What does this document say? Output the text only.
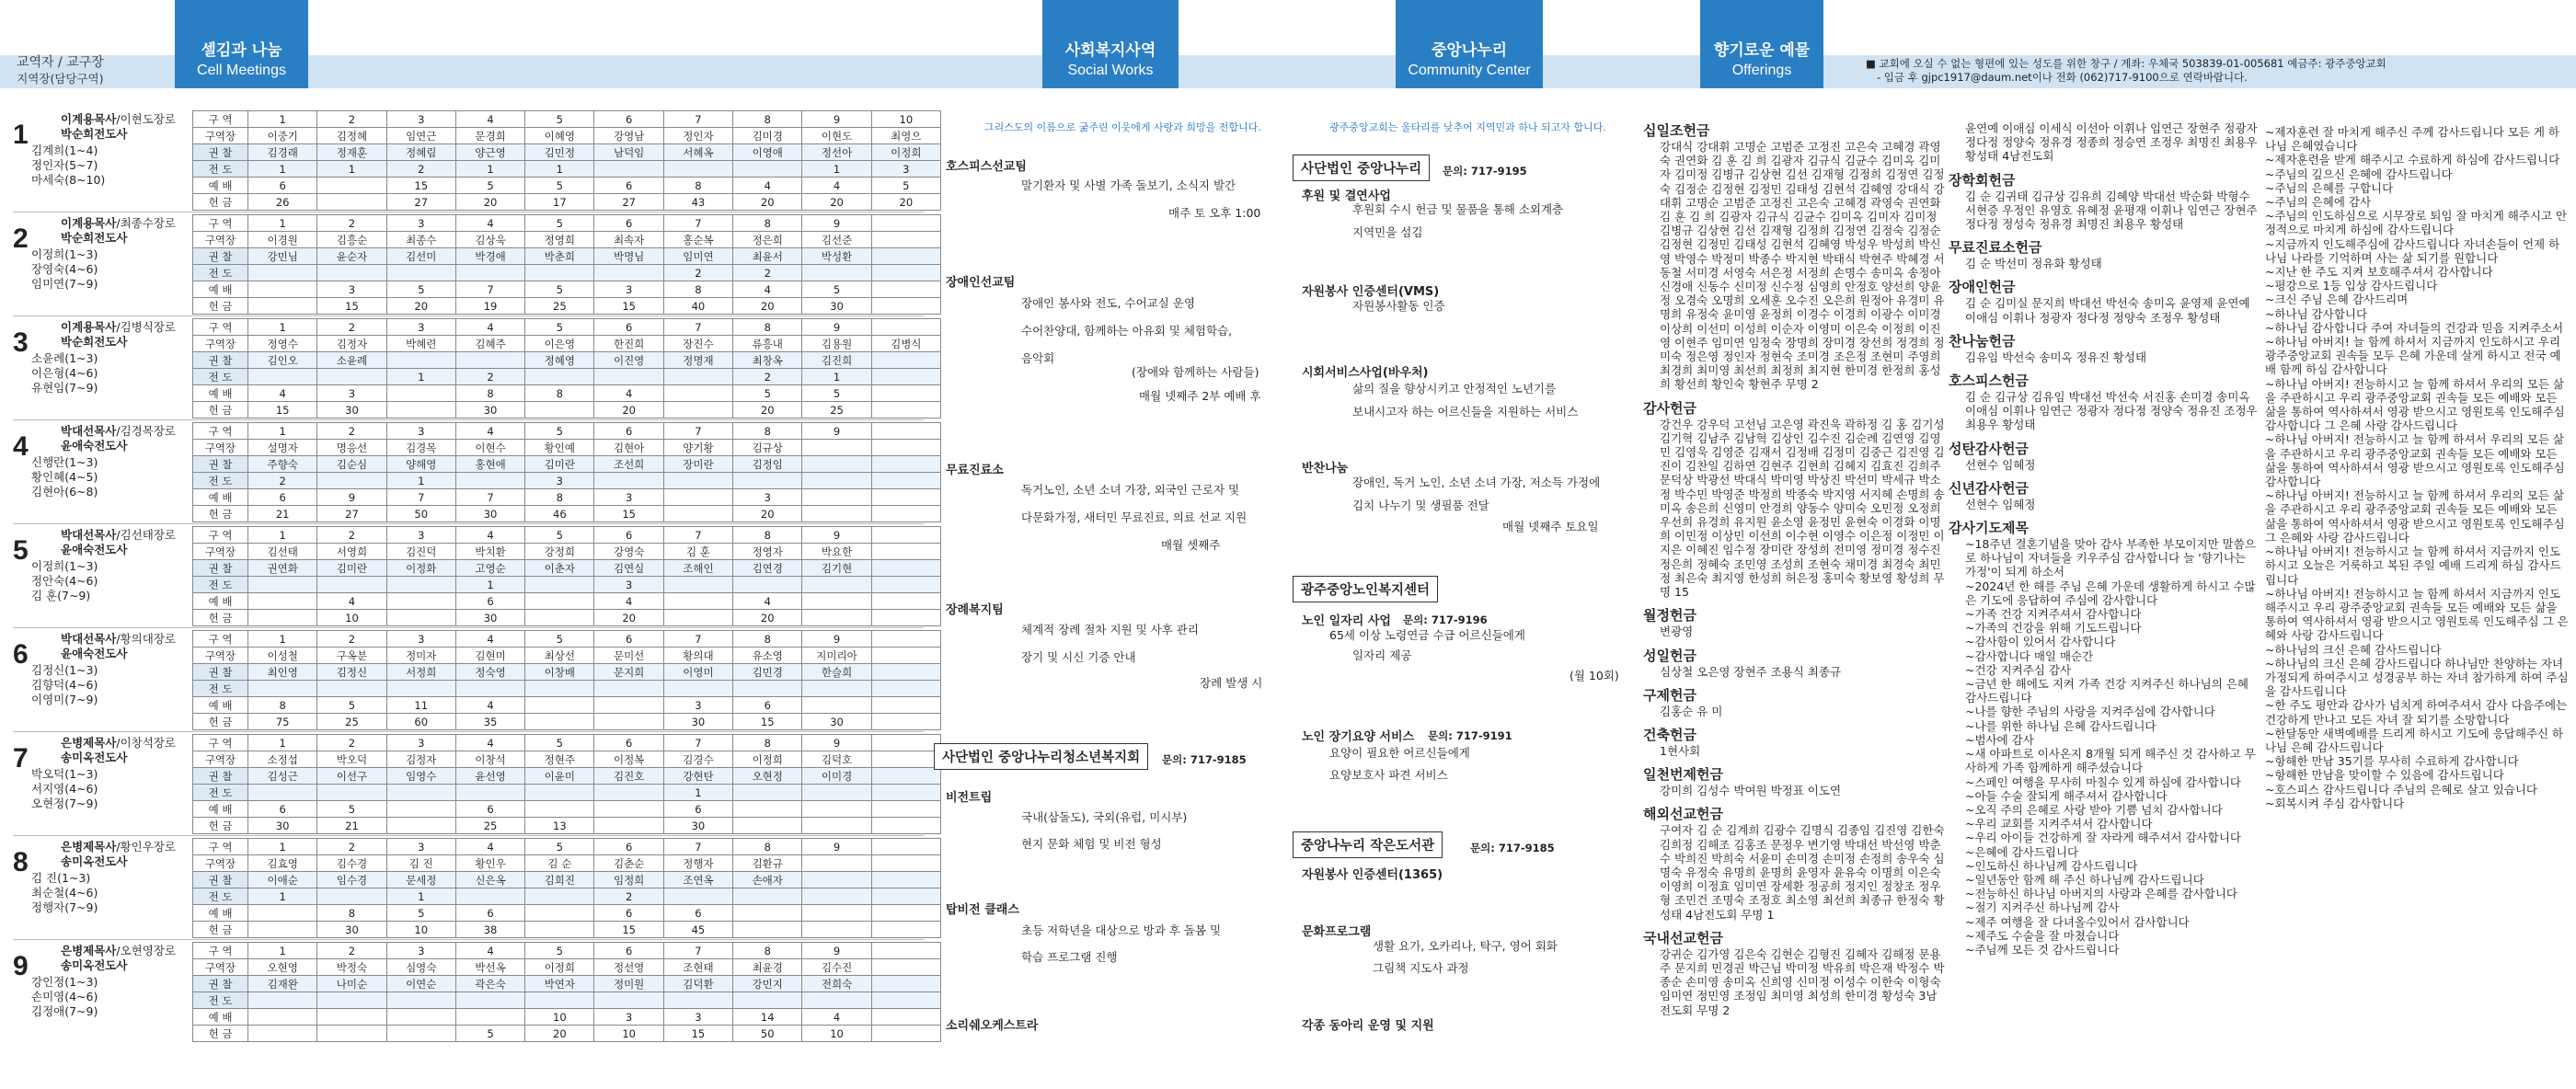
교역자 / 교구장
지역장(담당구역)
셀김과 나눔
Cell Meetings
사회복지사역
Social Works
중앙나누리
Community Center
향기로운 예물
Offerings	■ 교회에 오실 수 없는 형편에 있는 성도를 위한 창구 / 계좌: 우체국 503839-01-005681 예금주: 광주중앙교회
- 입금 후 gjpc1917@daum.net이나 전화 (062)717-9100으로 연락바랍니다.
1
이계용목사/이현도장로
박순희전도사
김계희(1~4)
정인자(5~7)
마세숙(8~10)
구 역	1	2	3	4	5	6	7	8	9	10
구역장	이중기	김정혜	임연근	문경희	이혜영	강영남	정인자	김미경	이현도	최영으
권 찰	김경래	정재훈	정혜림	양근영	김민정	남덕임	서혜옥	이영애	정선아	이정희
전 도	1	1	2	1	1				1	3
예 배	6		15	5	5	6	8	4	4	5
헌 금	26		27	20	17	27	43	20	20	20
2
이계용목사/최종수장로
박순희전도사
이정희(1~3)
장영숙(4~6)
임미연(7~9)
구 역	1	2	3	4	5	6	7	8	9	
구역장	이경원	김흥순	최종수	김상욱	정영희	최속자	홍순복	정은희	김선준	
권 찰	강민님	윤순자	김선미	박경애	박춘희	박명님	임미연	최윤서	박성환	
전 도							2	2		
예 배		3	5	7	5	3	8	4	5	
헌 금		15	20	19	25	15	40	20	30	
3
이계용목사/김병식장로
박순희전도사
소윤례(1~3)
이은형(4~6)
유현임(7~9)
구 역	1	2	3	4	5	6	7	8	9	
구역장	정영수	김정자	박혜련	김혜주	이은영	한진희	장진수	류흥내	김용원	김병식
권 찰	김인오	소윤례			정혜영	이진영	정명재	최창옥	김진희	
전 도			1	2				2	1	
예 배	4	3		8	8	4		5	5	
헌 금	15	30		30		20		20	25	
4
박대선목사/김경목장로
윤애숙전도사
신행란(1~3)
황인혜(4~5)
김현아(6~8)
구 역	1	2	3	4	5	6	7	8	9	
구역장	설명자	명응선	김경목	이현수	황인예	김현아	양기황	김규상		
권 찰	주향숙	김순심	양해영	홍현애	김미란	조선희	장미란	김정임		
전 도	2		1		3					
예 배	6	9	7	7	8	3		3		
헌 금	21	27	50	30	46	15		20		
5
박대선목사/김선태장로
윤애숙전도사
이정희(1~3)
정안숙(4~6)
김 훈(7~9)
구 역	1	2	3	4	5	6	7	8	9	
구역장	김선태	서영희	김진덕	박치환	강정희	강영숙	김 훈	정영자	박요한	
권 찰	권연화	김미란	이정화	고영순	이춘자	김연실	조해인	김연경	김기현	
전 도				1		3				
예 배		4		6		4		4		
헌 금		10		30		20		20		
6
박대선목사/황의대장로
윤애숙전도사
김정신(1~3)
김향덕(4~6)
이영미(7~9)
구 역	1	2	3	4	5	6	7	8	9	
구역장	이성철	구옥분	정미자	김현미	최상선	문미선	황의대	유소영	지미리아	
권 찰	최인영	김정신	서정희	정숙영	이창배	문지희	이영미	김민경	한슬희	
전 도										
예 배	8	5	11	4			3	6		
헌 금	75	25	60	35			30	15	30	
7
은병제목사/이창석장로
송미옥전도사
박오덕(1~3)
서지영(4~6)
오현정(7~9)
구 역	1	2	3	4	5	6	7	8	9	
구역장	소정섭	박오덕	김정자	이창석	정현주	이정복	김경수	이정희	김덕호	
권 찰	김성근	이선구	임영수	윤선영	이윤미	김진호	강현탄	오현정	이미경	
전 도							1			
예 배	6	5		6			6			
헌 금	30	21		25	13		30			
8
은병제목사/황인우장로
송미옥전도사
김 진(1~3)
최순철(4~6)
정행자(7~9)
구 역	1	2	3	4	5	6	7	8	9	
구역장	김효영	김수경	김 진	황인우	김 순	김춘순	정행자	김환규		
권 찰	이애순	임수경	문세정	신은옥	김희진	임정희	조연옥	손애자		
전 도	1		1			2				
예 배		8	5	6		6	6			
헌 금		30	10	38		15	45			
9
은병제목사/오현영장로
송미옥전도사
강인정(1~3)
손미영(4~6)
김정애(7~9)
구 역	1	2	3	4	5	6	7	8	9	
구역장	오현영	박정숙	심영숙	박선옥	이정희	정선영	조현태	최윤경	김수진	
권 찰	김재완	나미순	이연순	곽은숙	박연자	정미원	김덕환	강민지	전희숙	
전 도										
예 배					10	3	3	14	4	
헌 금				5	20	10	15	50	10	
그리스도의 이름으로 굶주린 이웃에게 사랑과 희망을 전합니다.
호스피스선교팀
말기환자 및 사별 가족 돌보기, 소식지 발간
매주 토 오후 1:00
장애인선교팀
장애인 봉사와 전도, 수어교실 운영
수어찬양대, 함께하는 아유회 및 체험학습,
음악회
(장애와 함께하는 사람들)
매월 넷째주 2부 예배 후
무료진료소
독거노인, 소년 소녀 가장, 외국인 근로자 및
다문화가정, 새터민 무료진료, 의료 선교 지원
매월 셋째주
장례복지팀
체계적 장례 절차 지원 및 사후 관리
장기 및 시신 기증 안내
장례 발생 시
사단법인 중앙나누리청소년복지회	문의: 717-9185
비전트립
국내(삼돌도), 국외(유럽, 미시부)
현지 문화 체험 및 비전 형성
탑비전 클래스
초등 저학년을 대상으로 방과 후 돌봄 및
학습 프로그램 진행
소리쉐오케스트라
광주중앙교회는 울타리를 낮추어 지역민과 하나 되고자 합니다.
사단법인 중앙나누리	문의: 717-9195
후원 및 결연사업
후원회 수시 헌금 및 물품을 통해 소외계층
지역민을 섬김
자원봉사 인증센터(VMS)
자원봉사활동 인증
시회서비스사업(바우처)
삶의 질을 향상시키고 안정적인 노년기를
보내시고자 하는 어르신들을 지원하는 서비스
반찬나눔
장애인, 독거 노인, 소년 소녀 가장, 저소득 가정에
김치 나누기 및 생필품 전달
매월 넷째주 토요일
광주중앙노인복지센터
노인 일자리 사업 문의: 717-9196
65세 이상 노령연금 수급 어르신들에게
일자리 제공
(월 10회)
노인 장기요양 서비스 문의: 717-9191
요양이 필요한 어르신들에게
요양보호사 파견 서비스
중앙나누리 작은도서관	문의: 717-9185
자원봉사 인증센터(1365)
문화프로그램
생활 요가, 오카리나, 탁구, 영어 회화
그림책 지도사 과정
각종 동아리 운영 및 지원
십일조헌금
강대식 강대휘 고명순 고범준 고정진 고은숙 고혜경 곽영숙 권연화 김 훈 김 희 김광자 김규식 김균수 김미옥 김미자 김미정 김병규 김상현 김선 김재형 김정희 김정연 김정숙 김정순 김정현 김정민 김태성 김현석 김혜영 강대식 강대휘 고명순 고범준 고정진 고은숙 고혜경 곽영숙 권연화 김 훈 김 희 김광자 김규식 김균수 김미옥 김미자 김미정 김병규 김상현 김선 김재형 김정희 김정연 김정숙 김정순 김정현 김정민 김태성 김현석 김혜영 박성우 박성희 박신영 박영수 박정미 박종수 박지현 박태식 박현주 박혜경 서동철 서미경 서영숙 서은정 서정희 손명수 송미옥 송정아 신경애 신동수 신미정 신수정 심영희 안정호 양선희 양윤정 오경숙 오명희 오세훈 오수진 오은희 원정아 유경미 유명희 유정숙 윤미영 윤정희 이경수 이경희 이광수 이미경 이상희 이선미 이성희 이순자 이영미 이은숙 이정희 이진영 이현주 임미연 임정숙 장명희 장미경 장선희 정경희 정미숙 정은영 정인자 정현숙 조미경 조은정 조현미 주영희 최경희 최미영 최선희 최정희 최지현 한미경 한정희 홍성희 황선희 황인숙 황현주 무명 2
감사헌금
강건우 강우덕 고선님 고은영 곽진욱 곽하정 김 홍 김기성 김기혁 김남주 김남혁 김상인 김수진 김순례 김연영 김영민 김영욱 김영준 김재서 김정배 김정미 김중근 김진영 김진이 김찬일 김하연 김현주 김현희 김혜지 김효진 김희주 문덕상 박광선 박대식 박미영 박상진 박선미 박세규 박소정 박수민 박영준 박정희 박종숙 박지영 서지혜 손명희 송미옥 송은희 신영미 안경희 양동수 양미숙 오민정 오정희 우선희 유경희 유지원 윤소영 윤정민 윤현숙 이경화 이명희 이민정 이상민 이선희 이수현 이영수 이은정 이정민 이지은 이혜진 임수정 장미란 장성희 전미영 정미경 정수진 정은희 정혜숙 조민영 조성희 조현숙 채미경 최경숙 최민정 최은숙 최지영 한성희 허은정 홍미숙 황보영 황성희 무명 15
월정헌금
변광영
성일헌금
심상철 오은영 장현주 조용식 최종규
구제헌금
김홍순 유 미
건축헌금
1현사회
일천번제헌금
강미희 김성수 박여원 박정표 이도연
해외선교헌금
구여자 김 순 김계희 김광수 김명식 김종임 김진영 김한숙 김희정 김해조 김홍조 문정우 변기영 박대선 박선영 박춘수 박희진 박희숙 서윤미 손미경 손미정 손정희 송우숙 심명숙 유정숙 유명희 윤명희 윤영자 윤유숙 이명희 이은숙 이영희 이정효 임미연 장세환 정공희 정지인 정창조 정우형 조민건 조명숙 조정호 최소영 최선희 최종규 한정숙 황성태 4남전도회 무명 1
국내선교헌금
강귀순 김가영 김은숙 김현순 김형진 김혜자 김해정 문용주 문지희 민경권 박근님 박미정 박유희 박은재 박정수 박종순 손미영 송미옥 신희영 신미정 이성수 이한숙 이형숙 임미연 정민영 조정임 최미영 최성희 한미경 황성숙 3남전도회 무명 2
윤연예 이애심 이세식 이선아 이휘나 임연근 장현주 정광자 정다정 정양숙 정유경 정종희 정승연 조정우 최명진 최용우 황성태 4남전도회
장학회헌금
김 순 김귀태 김규상 김유희 김혜양 박대선 박순화 박형수 서현증 우정인 유영호 유혜정 윤평재 이휘나 임연근 장현주 정다정 정성숙 정유경 최명진 최용우 황성태
무료진료소헌금
김 순 박선미 정유화 황성태
장애인헌금
김 순 김미실 문지희 박대선 박선숙 송미옥 윤영제 윤연예 이애심 이휘나 정광자 정다정 정양숙 조정우 황성태
찬나눔헌금
김유임 박선숙 송미옥 정유진 황성태
호스피스헌금
김 순 김규상 김유임 박대선 박선숙 서진홍 손미경 송미옥 이애심 이휘나 임연근 정광자 정다정 정양숙 정유진 조정우 최용우 황성태
성탄감사헌금
선현수 임혜정
신년감사헌금
선현수 임혜정
감사기도제목
~18주년 결혼기념을 맞아 감사 부족한 부모이지만 말씀으로 하나님이 자녀들을 키우주심 감사합니다 늘 '향기나는 가정'이 되게 하소서
~2024년 한 해를 주님 은혜 가운데 생활하게 하시고 수많은 기도에 응답하여 주심에 감사합니다
~가족 건강 지켜주셔서 감사합니다
~가족의 건강을 위해 기도드립니다
~감사함이 있어서 감사합니다
~감사합니다 매일 매순간
~건강 지켜주심 감사
~금년 한 해에도 지켜 가족 건강 지켜주신 하나님의 은혜 감사드립니다
~나를 향한 주님의 사랑을 지켜주심에 감사합니다
~나를 위한 하나님 은혜 감사드립니다
~범사에 감사
~새 아파트로 이사온지 8개월 되게 해주신 것 감사하고 무사하게 가족 함께하게 해주셨습니다
~스페인 여행을 무사히 마칠수 있게 하심에 감사합니다
~아들 수술 잘되게 해주셔서 감사합니다
~오직 주의 은혜로 사랑 받아 기쁨 넘치 감사합니다
~우리 교회를 지켜주셔서 감사합니다
~우리 아이들 건강하게 잘 자라게 해주셔서 감사합니다
~은혜에 감사드립니다
~인도하신 하나님께 감사드립니다
~일년동안 함께 해 주신 하나님께 감사드립니다
~전능하신 하나님 아버지의 사랑과 은혜를 감사합니다
~절기 지켜주신 하나님께 감사
~제주 여행을 잘 다녀올수있어서 감사합니다
~제주도 수술을 잘 마쳤습니다
~주님께 모든 것 감사드립니다
~제자훈련 잘 마치게 해주신 주께 감사드립니다 모든 게 하나님 은혜였습니다
~제자훈련을 받게 해주시고 수료하게 하심에 감사드립니다
~주님의 깊으신 은혜에 감사드립니다
~주님의 은혜를 구합니다
~주님의 은혜에 감사
~주님의 인도하심으로 시무장로 퇴임 잘 마치게 해주시고 안정적으로 마치게 하심에 감사드립니다
~지금까지 인도해주심에 감사드립니다 자녀손들이 언제 하나님 나라를 기억하며 사는 삶 되기를 원합니다
~지난 한 주도 지켜 보호해주셔서 감사합니다
~평강으로 1등 입상 감사드립니다
~크신 주님 은혜 감사드리며
~하나님 감사합니다
~하나님 감사합니다 주여 자녀들의 건강과 믿음 지켜주소서
~하나님 아버지! 늘 함께 하셔서 지금까지 인도하시고 우리 광주중앙교회 권속들 모두 은혜 가운데 살게 하시고 전국 예배 함께 하심 감사합니다
~하나님 아버지! 전능하시고 늘 함께 하셔서 우리의 모든 삶을 주관하시고 우리 광주중앙교회 권속들 모든 예배와 모든 삶을 통하여 역사하셔서 영광 받으시고 영원토록 인도해주심 감사합니다 그 은혜 사랑 감사드립니다
~하나님 아버지! 전능하시고 늘 함께 하셔서 우리의 모든 삶을 주관하시고 우리 광주중앙교회 권속들 모든 예배와 모든 삶을 통하여 역사하셔서 영광 받으시고 영원토록 인도해주심 감사합니다
~하나님 아버지! 전능하시고 늘 함께 하셔서 우리의 모든 삶을 주관하시고 우리 광주중앙교회 권속들 모든 예배와 모든 삶을 통하여 역사하셔서 영광 받으시고 영원토록 인도해주심 그 은혜와 사랑 감사드립니다
~하나님 아버지! 전능하시고 늘 함께 하셔서 지금까지 인도하시고 오늘은 거룩하고 복된 주일 예배 드리게 하심 감사드립니다
~하나님 아버지! 전능하시고 늘 함께 하셔서 지금까지 인도해주시고 우리 광주중앙교회 권속들 모든 예배와 모든 삶을 통하여 역사하셔서 영광 받으시고 영원토록 인도해주심 그 은혜와 사랑 감사드립니다
~하나님의 크신 은혜 감사드립니다
~하나님의 크신 은혜 감사드립니다 하나님만 찬양하는 자녀 가정되게 하여주시고 성경공부 하는 자녀 참가하게 하여 주심을 감사드립니다
~한 주도 평안과 감사가 넘치게 하여주셔서 감사 다음주에는 건강하게 만나고 모든 자녀 잘 되기를 소망합니다
~한달동안 새벽예배를 드리게 하시고 기도에 응답해주신 하나님 은혜 감사드립니다
~항해한 만남 35기를 무사히 수료하게 감사합니다
~항해한 만남을 맞이할 수 있음에 감사드립니다
~호스피스 감사드립니다 주님의 은혜로 살고 있습니다
~회복시켜 주심 감사합니다
